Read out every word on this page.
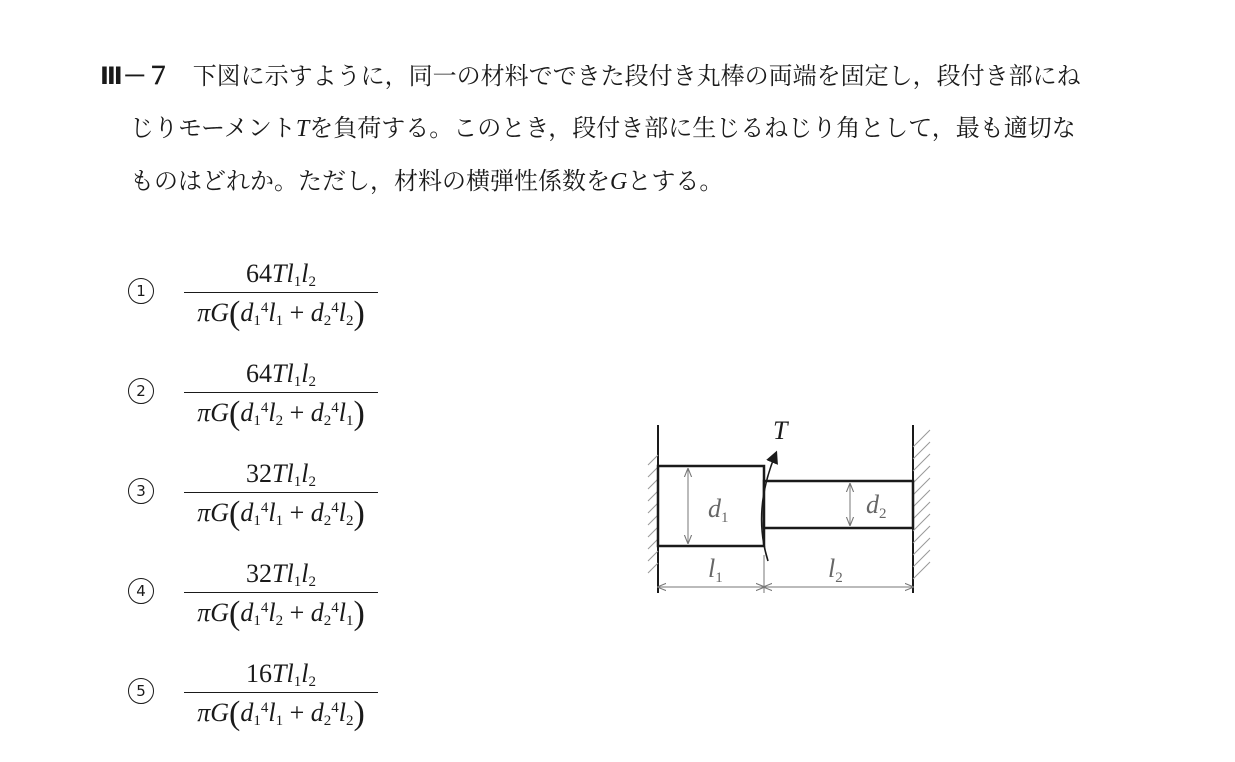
Ⅲ－７ 下図に示すように，同一の材料でできた段付き丸棒の両端を固定し，段付き部にね
じりモーメントTを負荷する。このとき，段付き部に生じるねじり角として，最も適切な
ものはどれか。ただし，材料の横弾性係数をGとする。
1
$64Tl_1l_2$
$\pi G(d_1^4l_1 + d_2^4l_2)$
2
$64Tl_1l_2$
$\pi G(d_1^4l_2 + d_2^4l_1)$
3
$32Tl_1l_2$
$\pi G(d_1^4l_1 + d_2^4l_2)$
4
$32Tl_1l_2$
$\pi G(d_1^4l_2 + d_2^4l_1)$
5
$16Tl_1l_2$
$\pi G(d_1^4l_1 + d_2^4l_2)$
T
d1	d2
l1	l2
